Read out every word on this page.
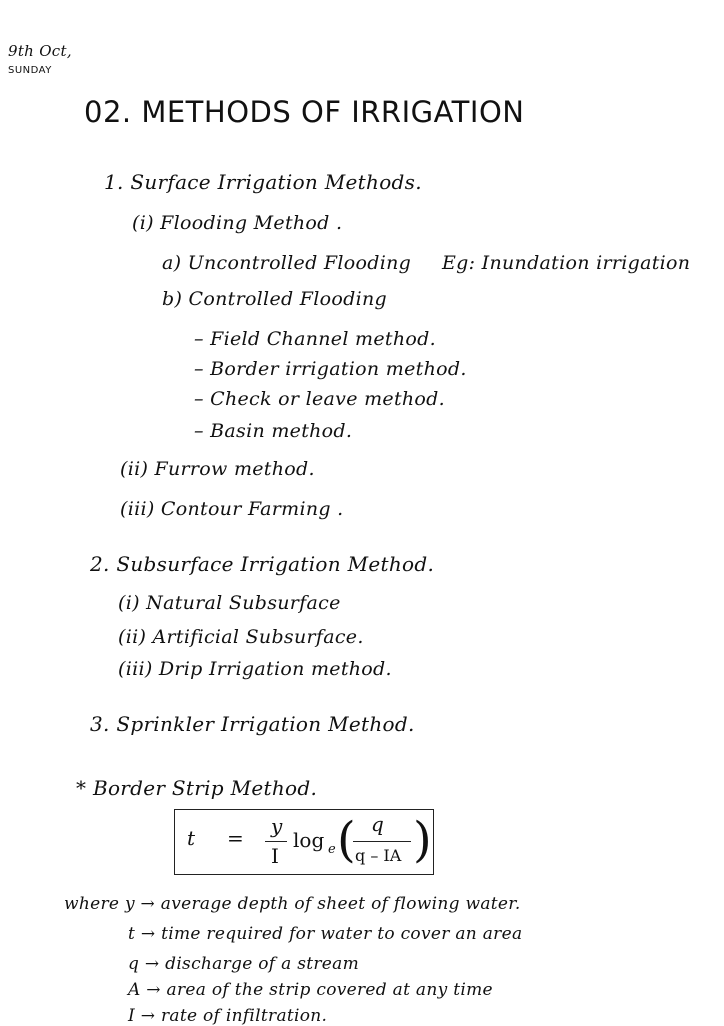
9th Oct,
SUNDAY
02. METHODS OF IRRIGATION
1. Surface Irrigation Methods.
(i) Flooding Method .
a) Uncontrolled Flooding Eg: Inundation irrigation
b) Controlled Flooding
– Field Channel method.
– Border irrigation method.
– Check or leave method.
– Basin method.
(ii) Furrow method.
(iii) Contour Farming .
2. Subsurface Irrigation Method.
(i) Natural Subsurface
(ii) Artificial Subsurface.
(iii) Drip Irrigation method.
3. Sprinkler Irrigation Method.
* Border Strip Method.
t = y
I
log e ( q
q – IA )
where y → average depth of sheet of flowing water.
t → time required for water to cover an area
q → discharge of a stream
A → area of the strip covered at any time
I → rate of infiltration.
